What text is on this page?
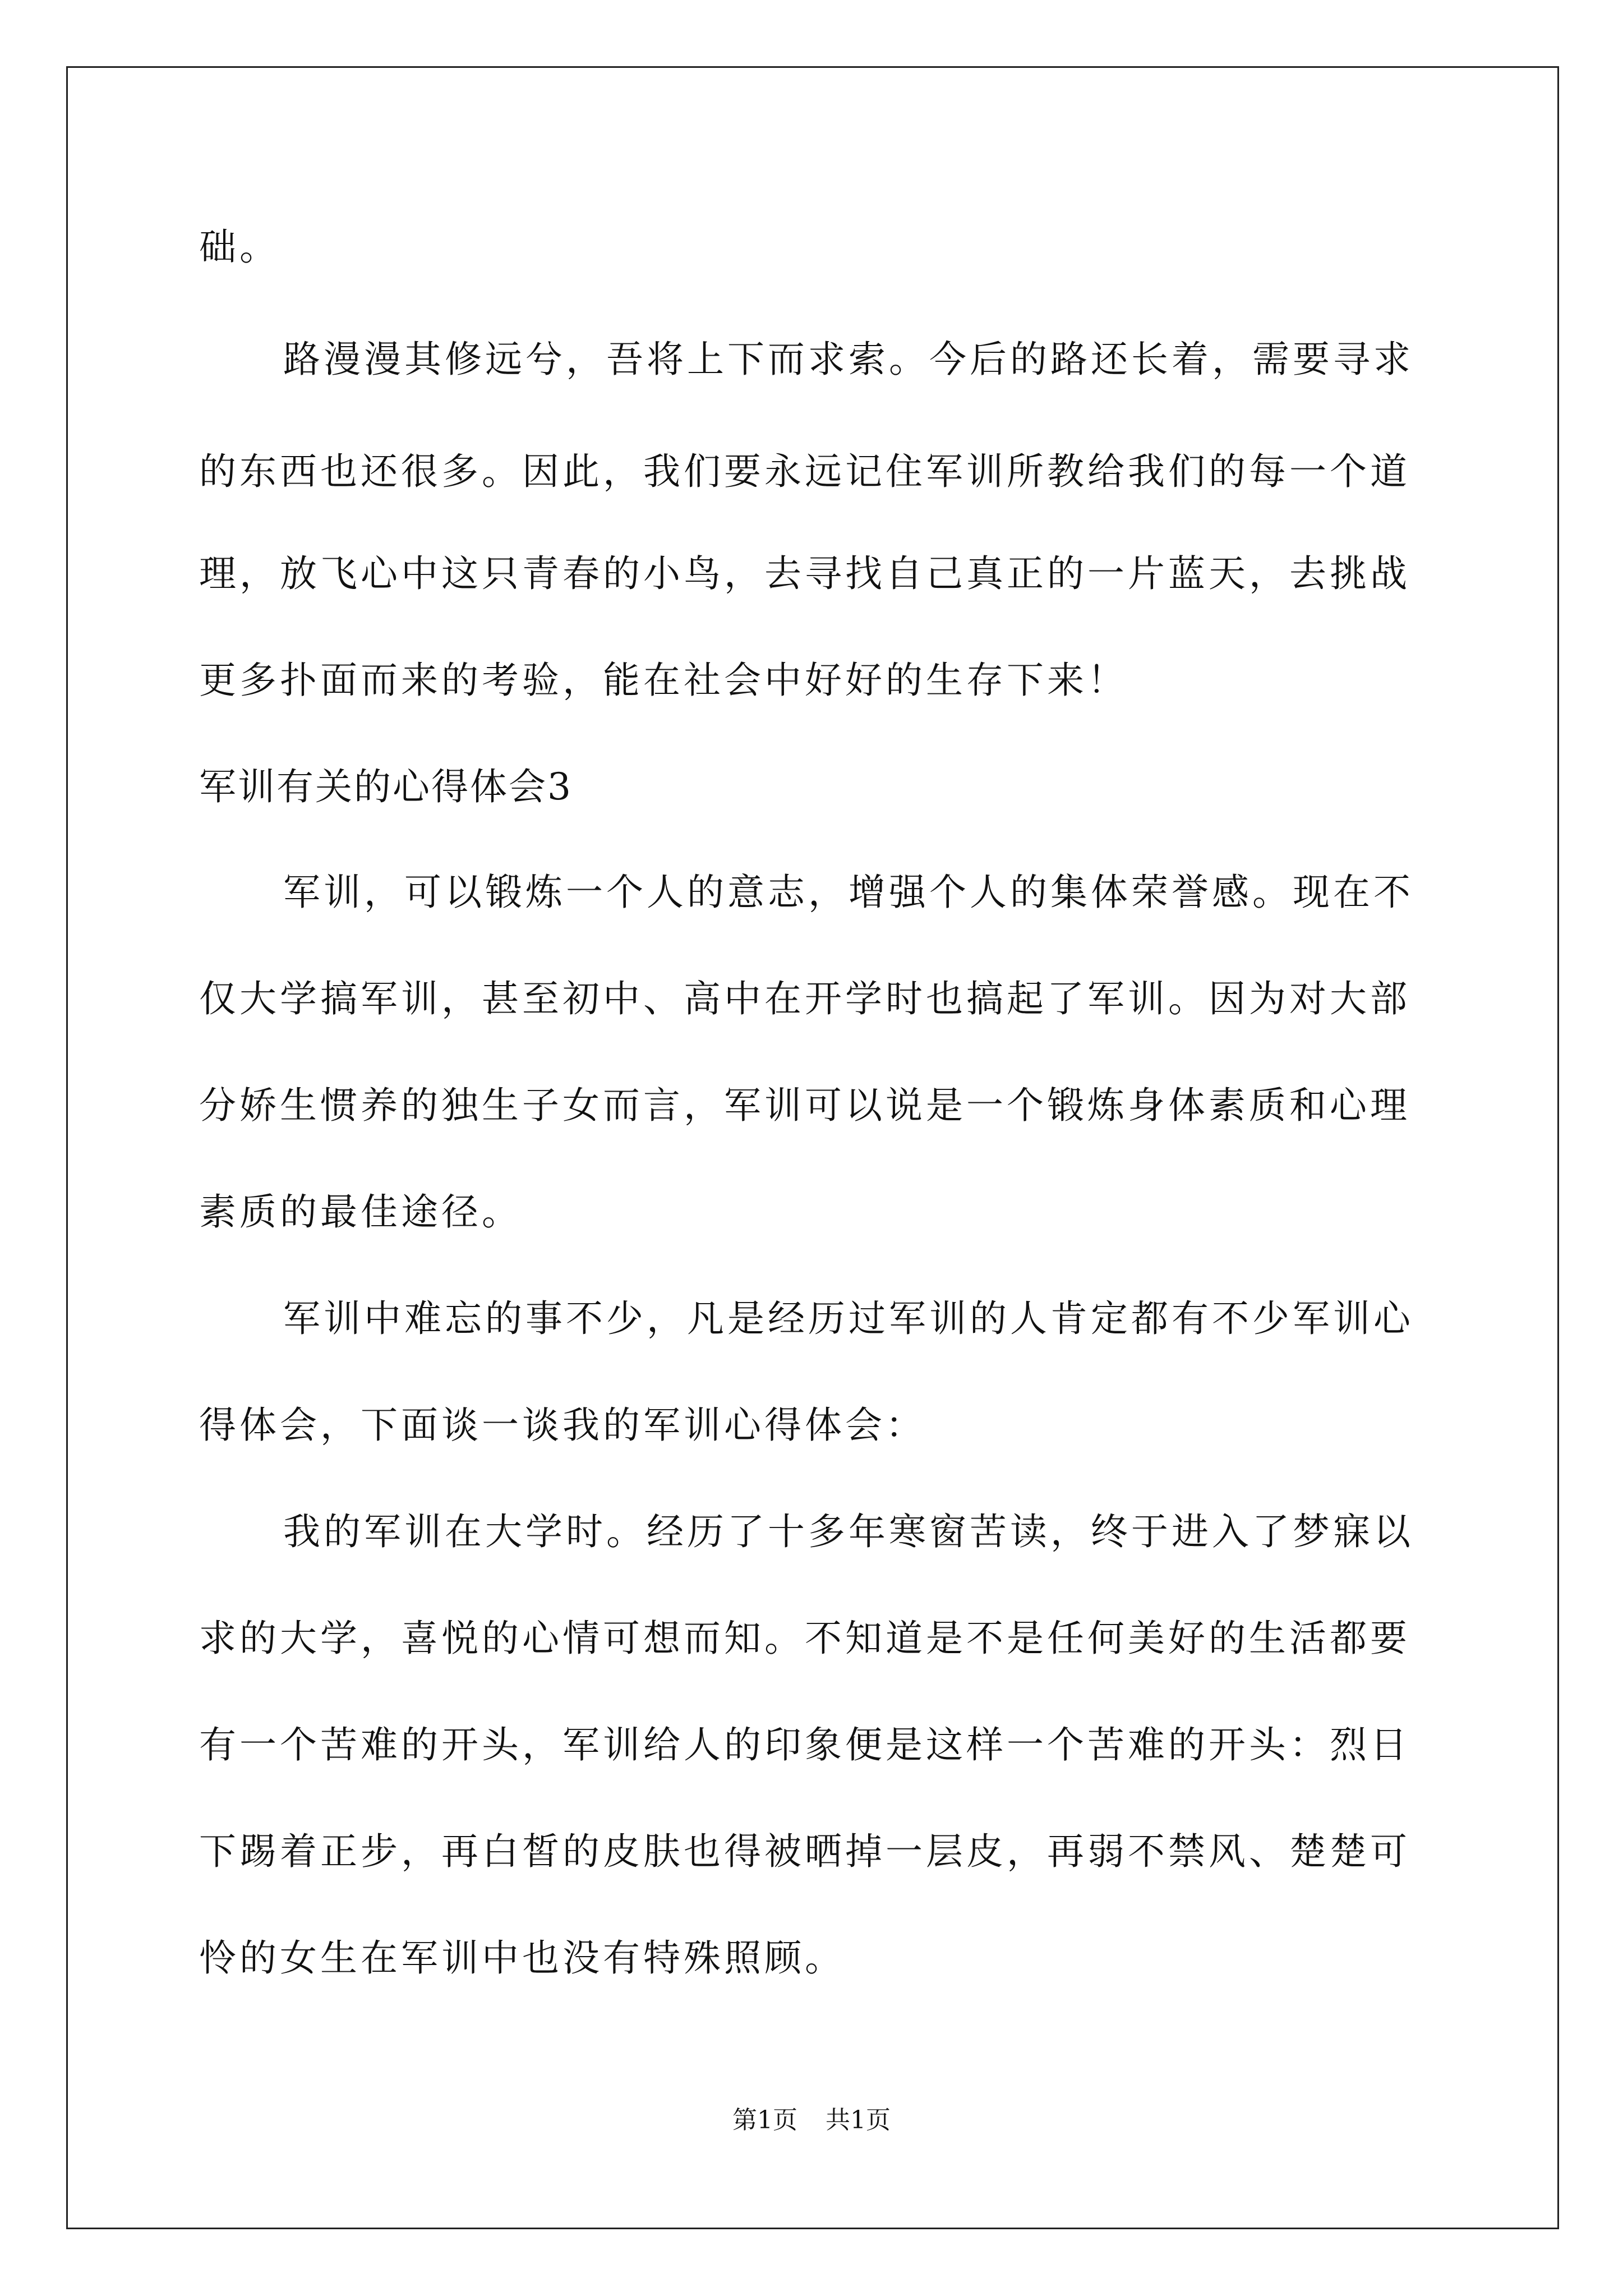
础。

路漫漫其修远兮，吾将上下而求索。今后的路还长着，需要寻求

的东西也还很多。因此，我们要永远记住军训所教给我们的每一个道

理，放飞心中这只青春的小鸟，去寻找自己真正的一片蓝天，去挑战

更多扑面而来的考验，能在社会中好好的生存下来！

军训有关的心得体会3

军训，可以锻炼一个人的意志，增强个人的集体荣誉感。现在不

仅大学搞军训，甚至初中、高中在开学时也搞起了军训。因为对大部

分娇生惯养的独生子女而言，军训可以说是一个锻炼身体素质和心理

素质的最佳途径。

军训中难忘的事不少，凡是经历过军训的人肯定都有不少军训心

得体会，下面谈一谈我的军训心得体会：

我的军训在大学时。经历了十多年寒窗苦读，终于进入了梦寐以

求的大学，喜悦的心情可想而知。不知道是不是任何美好的生活都要

有一个苦难的开头，军训给人的印象便是这样一个苦难的开头：烈日

下踢着正步，再白皙的皮肤也得被晒掉一层皮，再弱不禁风、楚楚可

怜的女生在军训中也没有特殊照顾。

第1页 共1页
